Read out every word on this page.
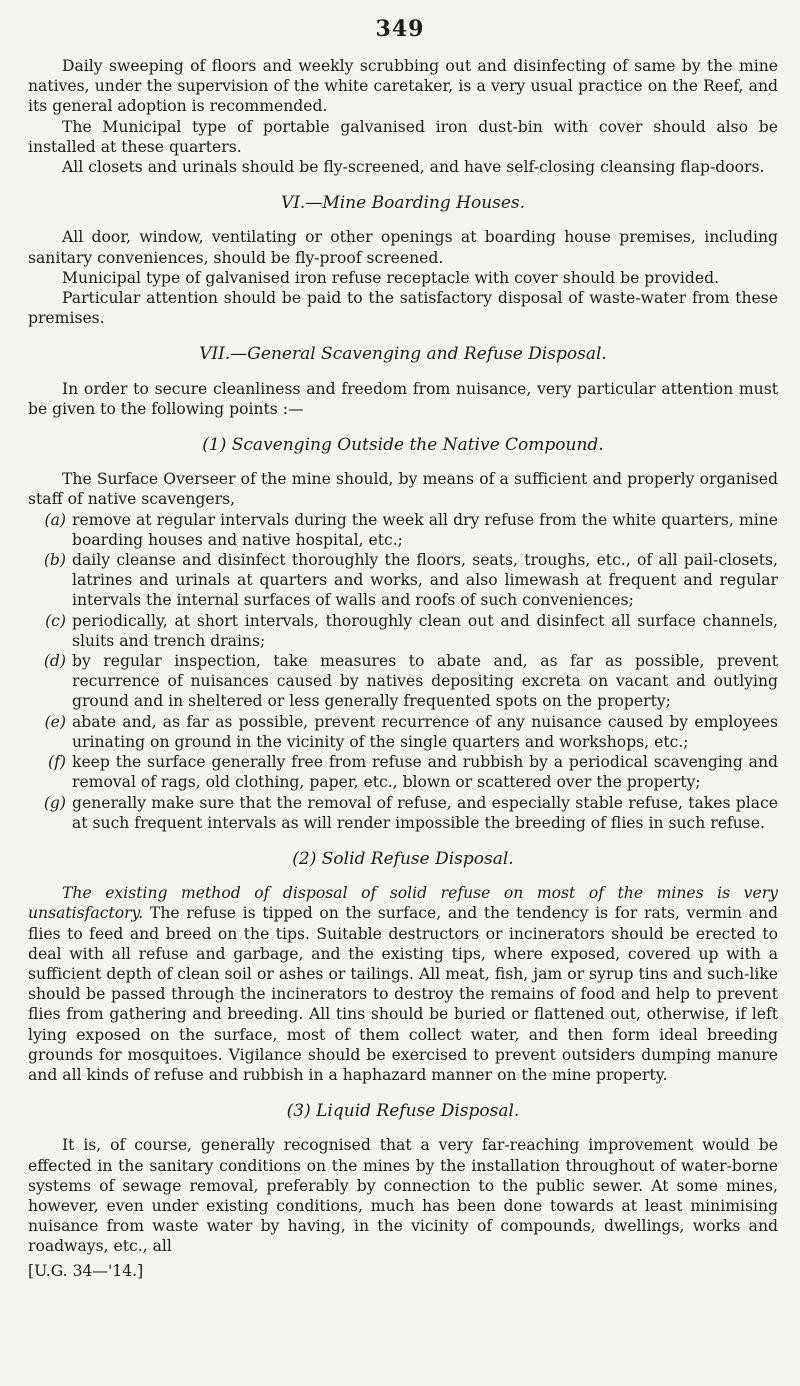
349

Daily sweeping of floors and weekly scrubbing out and disinfecting of same by the mine natives, under the supervision of the white caretaker, is a very usual practice on the Reef, and its general adoption is recommended.

The Municipal type of portable galvanised iron dust-bin with cover should also be installed at these quarters.

All closets and urinals should be fly-screened, and have self-closing cleansing flap-doors.

VI.—Mine Boarding Houses.

All door, window, ventilating or other openings at boarding house premises, including sanitary conveniences, should be fly-proof screened.

Municipal type of galvanised iron refuse receptacle with cover should be provided.

Particular attention should be paid to the satisfactory disposal of waste-water from these premises.

VII.—General Scavenging and Refuse Disposal.

In order to secure cleanliness and freedom from nuisance, very particular attention must be given to the following points :—

(1) Scavenging Outside the Native Compound.

The Surface Overseer of the mine should, by means of a sufficient and properly organised staff of native scavengers,

(a) remove at regular intervals during the week all dry refuse from the white quarters, mine boarding houses and native hospital, etc.;
(b) daily cleanse and disinfect thoroughly the floors, seats, troughs, etc., of all pail-closets, latrines and urinals at quarters and works, and also limewash at frequent and regular intervals the internal surfaces of walls and roofs of such conveniences;
(c) periodically, at short intervals, thoroughly clean out and disinfect all surface channels, sluits and trench drains;
(d) by regular inspection, take measures to abate and, as far as possible, prevent recurrence of nuisances caused by natives depositing excreta on vacant and outlying ground and in sheltered or less generally frequented spots on the property;
(e) abate and, as far as possible, prevent recurrence of any nuisance caused by employees urinating on ground in the vicinity of the single quarters and workshops, etc.;
(f) keep the surface generally free from refuse and rubbish by a periodical scavenging and removal of rags, old clothing, paper, etc., blown or scattered over the property;
(g) generally make sure that the removal of refuse, and especially stable refuse, takes place at such frequent intervals as will render impossible the breeding of flies in such refuse.

(2) Solid Refuse Disposal.

The existing method of disposal of solid refuse on most of the mines is very unsatisfactory. The refuse is tipped on the surface, and the tendency is for rats, vermin and flies to feed and breed on the tips. Suitable destructors or incinerators should be erected to deal with all refuse and garbage, and the existing tips, where exposed, covered up with a sufficient depth of clean soil or ashes or tailings. All meat, fish, jam or syrup tins and such-like should be passed through the incinerators to destroy the remains of food and help to prevent flies from gathering and breeding. All tins should be buried or flattened out, otherwise, if left lying exposed on the surface, most of them collect water, and then form ideal breeding grounds for mosquitoes. Vigilance should be exercised to prevent outsiders dumping manure and all kinds of refuse and rubbish in a haphazard manner on the mine property.

(3) Liquid Refuse Disposal.

It is, of course, generally recognised that a very far-reaching improvement would be effected in the sanitary conditions on the mines by the installation throughout of water-borne systems of sewage removal, preferably by connection to the public sewer. At some mines, however, even under existing conditions, much has been done towards at least minimising nuisance from waste water by having, in the vicinity of compounds, dwellings, works and roadways, etc., all

[U.G. 34—'14.]
